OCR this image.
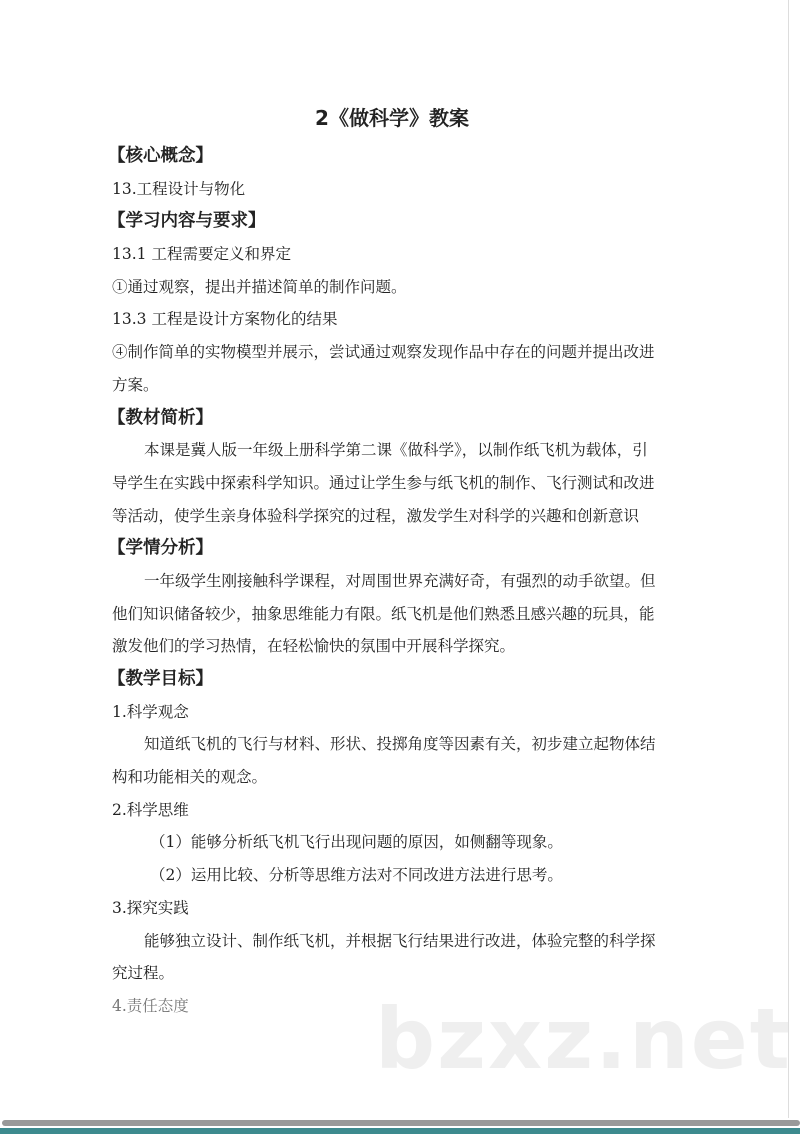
2《做科学》教案
【核心概念】
13.工程设计与物化
【学习内容与要求】
13.1 工程需要定义和界定
①通过观察，提出并描述简单的制作问题。
13.3 工程是设计方案物化的结果
④制作简单的实物模型并展示，尝试通过观察发现作品中存在的问题并提出改进
方案。
【教材简析】
本课是冀人版一年级上册科学第二课《做科学》，以制作纸飞机为载体，引
导学生在实践中探索科学知识。通过让学生参与纸飞机的制作、飞行测试和改进
等活动，使学生亲身体验科学探究的过程，激发学生对科学的兴趣和创新意识
【学情分析】
一年级学生刚接触科学课程，对周围世界充满好奇，有强烈的动手欲望。但
他们知识储备较少，抽象思维能力有限。纸飞机是他们熟悉且感兴趣的玩具，能
激发他们的学习热情，在轻松愉快的氛围中开展科学探究。
【教学目标】
1.科学观念
知道纸飞机的飞行与材料、形状、投掷角度等因素有关，初步建立起物体结
构和功能相关的观念。
2.科学思维
（1）能够分析纸飞机飞行出现问题的原因，如侧翻等现象。
（2）运用比较、分析等思维方法对不同改进方法进行思考。
3.探究实践
能够独立设计、制作纸飞机，并根据飞行结果进行改进，体验完整的科学探
究过程。
4.责任态度	bzxz.net
